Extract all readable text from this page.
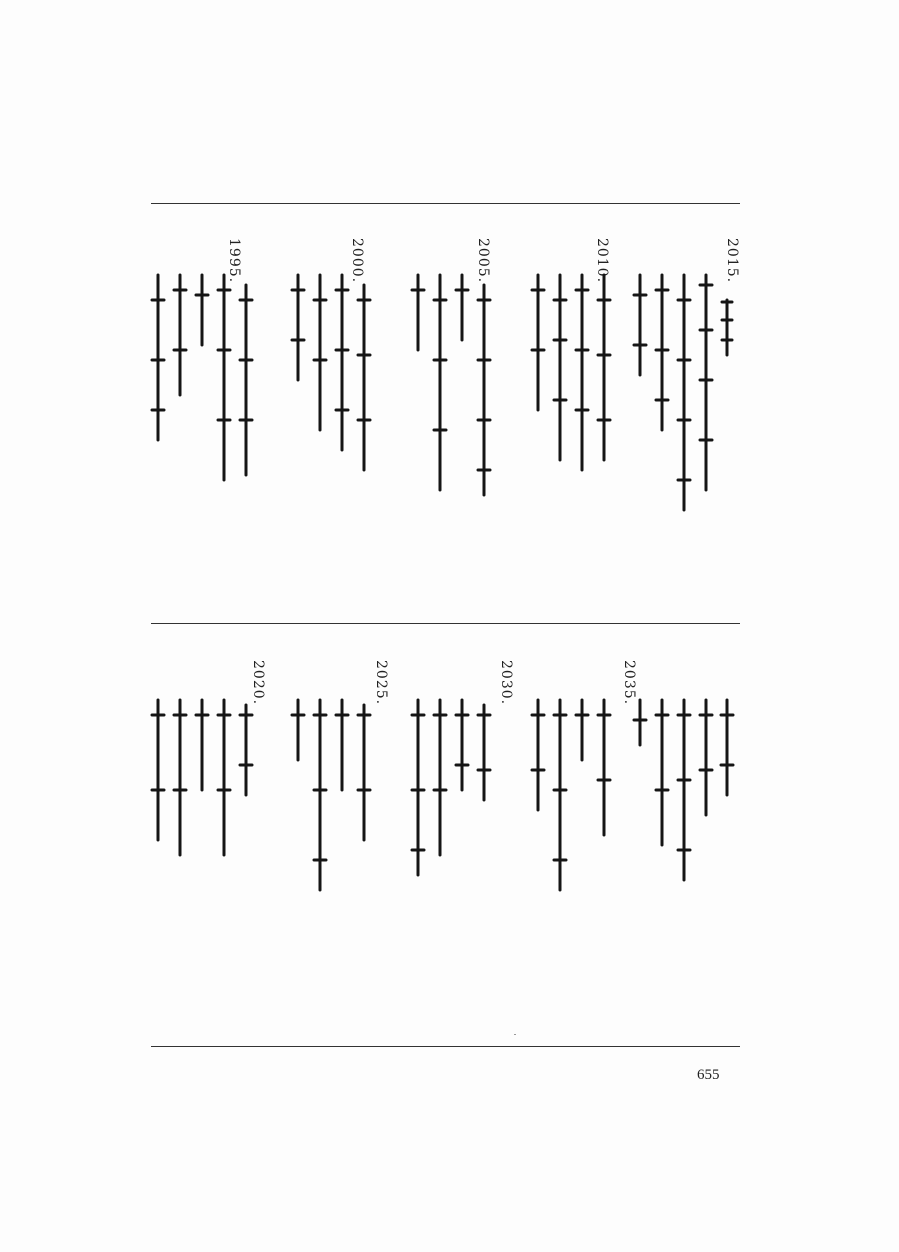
2015.
2010.
2005.
2000.
1995.
2035.
2030.
2025.
2020.
655
